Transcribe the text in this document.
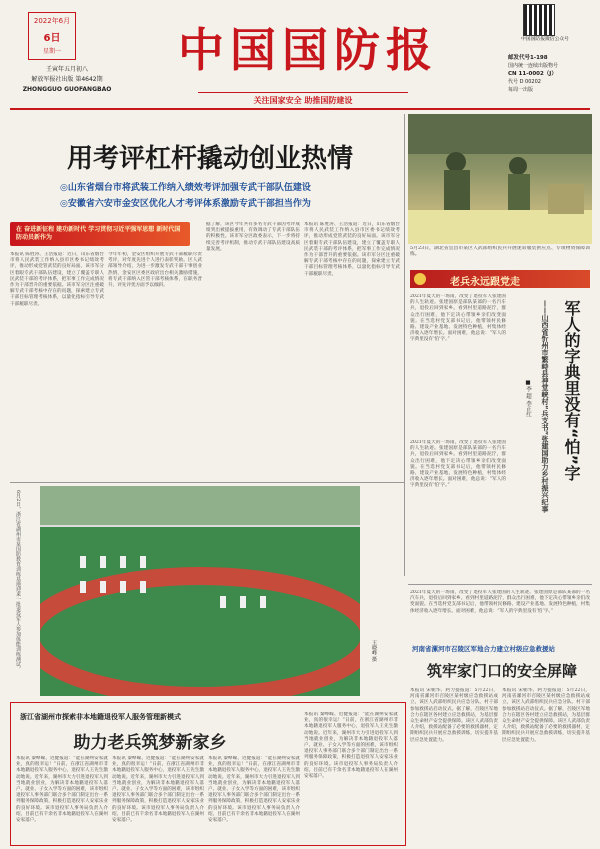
2022年6月
6日
星期一
壬寅年五月初八
解放军报社出版 第4642期
ZHONGGUO GUOFANGBAO
中国国防报
关注国家安全 助推国防建设
中国国防报微信公众号
邮发代号1-198
国内统一连续出版物号
CN 11-0002（J）
代号 D 00202
每周一出版
用考评杠杆撬动创业热情
◎山东省烟台市将武装工作纳入绩效考评加强专武干部队伍建设
◎安徽省六安市金安区优化人才考评体系激励专武干部担当作为
在 奋进新征程 建功新时代 学习贯彻习近平强军思想 新时代国防动员新作为
本报讯 陈胜涛、王浩报道：近日，山东省烟台市将人民武装工作纳入县市区委书记绩效考评，推动形成党管武装的良好局面。该市军分区着眼专武干部队伍建设，建立了覆盖专职人民武装干部的考评体系，把军事工作完成情况作为干部晋升的重要依据。该市军分区注重破解专武干部考核中存在的问题，探索建立专武干部目标管理考核体系，以量化指标引导专武干部履职尽责。
今年年初，金安区组织开展专武干部履职尽责考评，对年度先进个人进行表彰奖励。区人武部领导介绍，为进一步激发专武干部干事创业热情，金安区区委区政府出台相关激励措施，将专武干部纳入区管干部考核体系，在职务晋升、评先评优方面予以倾斜。
据了解，该区今年共有多名专武干部因考评成绩突出被提拔重用，有效调动了专武干部队伍的积极性。该市军分区政委表示，下一步将持续完善考评机制，推动专武干部队伍建设高质量发展。
本报讯 陈胜涛、王浩报道：近日，山东省烟台市将人民武装工作纳入县市区委书记绩效考评，推动形成党管武装的良好局面。该市军分区着眼专武干部队伍建设，建立了覆盖专职人民武装干部的考评体系，把军事工作完成情况作为干部晋升的重要依据。该市军分区注重破解专武干部考核中存在的问题，探索建立专武干部目标管理考核体系，以量化指标引导专武干部履职尽责。
5月23日，湖北省宜昌市某区人武部组织民兵开展迷彩服装供应点、专项物资保障训练。
老兵永远跟党走
2021年夏天的一场雨，改变了退役军人张建国的人生轨迹。张建国原是部队某部的一名汽车兵，退役后回到家乡。看到村里道路泥泞，群众出行困难，他下定决心带领乡亲们改变面貌。在当选村党支部书记后，他带领村民修路、建设产业基地、发展特色种植，村集体经济收入逐年增长。面对困难，他总说：“军人的字典里没有‘怕’字。”
2021年夏天的一场雨，改变了退役军人张建国的人生轨迹。张建国原是部队某部的一名汽车兵，退役后回到家乡。看到村里道路泥泞，群众出行困难，他下定决心带领乡亲们改变面貌。在当选村党支部书记后，他带领村民修路、建设产业基地、发展特色种植，村集体经济收入逐年增长。面对困难，他总说：“军人的字典里没有‘怕’字。”
军人的字典里没有“怕”字
——山西省忻州市繁峙县神堂峡村“兵支书”张建国助力乡村振兴纪事
■李 超 李正红
6月2日，浙江省湖州市某国防教育训练基地迎来一批退役军人参加体能训练测试。	王晓峰 摄
2021年夏天的一场雨，改变了退役军人张建国的人生轨迹。张建国原是部队某部的一名汽车兵，退役后回到家乡。看到村里道路泥泞，群众出行困难，他下定决心带领乡亲们改变面貌。在当选村党支部书记后，他带领村民修路、建设产业基地、发展特色种植，村集体经济收入逐年增长。面对困难，他总说：“军人的字典里没有‘怕’字。”
河南省漯河市召陵区军地合力建立村级应急救援站
筑牢家门口的安全屏障
本报讯 宋朝华、阿力提报道：5月22日，河南省漯河市召陵区某村级应急救援站成立，该区人武部组织民兵应急分队、村干部参加救援站启动仪式。据了解，召陵区军地合力在辖区各村建立应急救援站，为基层群众生命财产安全提供保障。该区人武部负责人介绍，救援站配备了必要的救援器材，定期组织民兵开展应急救援训练，切实提升基层应急处置能力。
本报讯 宋朝华、阿力提报道：5月22日，河南省漯河市召陵区某村级应急救援站成立，该区人武部组织民兵应急分队、村干部参加救援站启动仪式。据了解，召陵区军地合力在辖区各村建立应急救援站，为基层群众生命财产安全提供保障。该区人武部负责人介绍，救援站配备了必要的救援器材，定期组织民兵开展应急救援训练，切实提升基层应急处置能力。
浙江省湖州市探索非本地籍退役军人服务管理新模式
助力老兵筑梦新家乡
本报讯 秦峥嵘、迟健报道：“能在湖州安家就业，真的很幸运！”日前，在浙江省湖州市非本地籍退役军人服务中心，退役军人王先生激动地说。近年来，湖州市大力引进退役军人到当地就业创业，为解决非本地籍退役军人落户、就业、子女入学等方面的困难，该市组织退役军人事务部门联合多个部门制定出台一系列服务保障政策，积极打造退役军人安家乐业的良好环境。该市退役军人事务局负责人介绍，目前已有千余名非本地籍退役军人在湖州安家落户。
本报讯 秦峥嵘、迟健报道：“能在湖州安家就业，真的很幸运！”日前，在浙江省湖州市非本地籍退役军人服务中心，退役军人王先生激动地说。近年来，湖州市大力引进退役军人到当地就业创业，为解决非本地籍退役军人落户、就业、子女入学等方面的困难，该市组织退役军人事务部门联合多个部门制定出台一系列服务保障政策，积极打造退役军人安家乐业的良好环境。该市退役军人事务局负责人介绍，目前已有千余名非本地籍退役军人在湖州安家落户。
本报讯 秦峥嵘、迟健报道：“能在湖州安家就业，真的很幸运！”日前，在浙江省湖州市非本地籍退役军人服务中心，退役军人王先生激动地说。近年来，湖州市大力引进退役军人到当地就业创业，为解决非本地籍退役军人落户、就业、子女入学等方面的困难，该市组织退役军人事务部门联合多个部门制定出台一系列服务保障政策，积极打造退役军人安家乐业的良好环境。该市退役军人事务局负责人介绍，目前已有千余名非本地籍退役军人在湖州安家落户。
本报讯 秦峥嵘、迟健报道：“能在湖州安家就业，真的很幸运！”日前，在浙江省湖州市非本地籍退役军人服务中心，退役军人王先生激动地说。近年来，湖州市大力引进退役军人到当地就业创业，为解决非本地籍退役军人落户、就业、子女入学等方面的困难，该市组织退役军人事务部门联合多个部门制定出台一系列服务保障政策，积极打造退役军人安家乐业的良好环境。该市退役军人事务局负责人介绍，目前已有千余名非本地籍退役军人在湖州安家落户。
